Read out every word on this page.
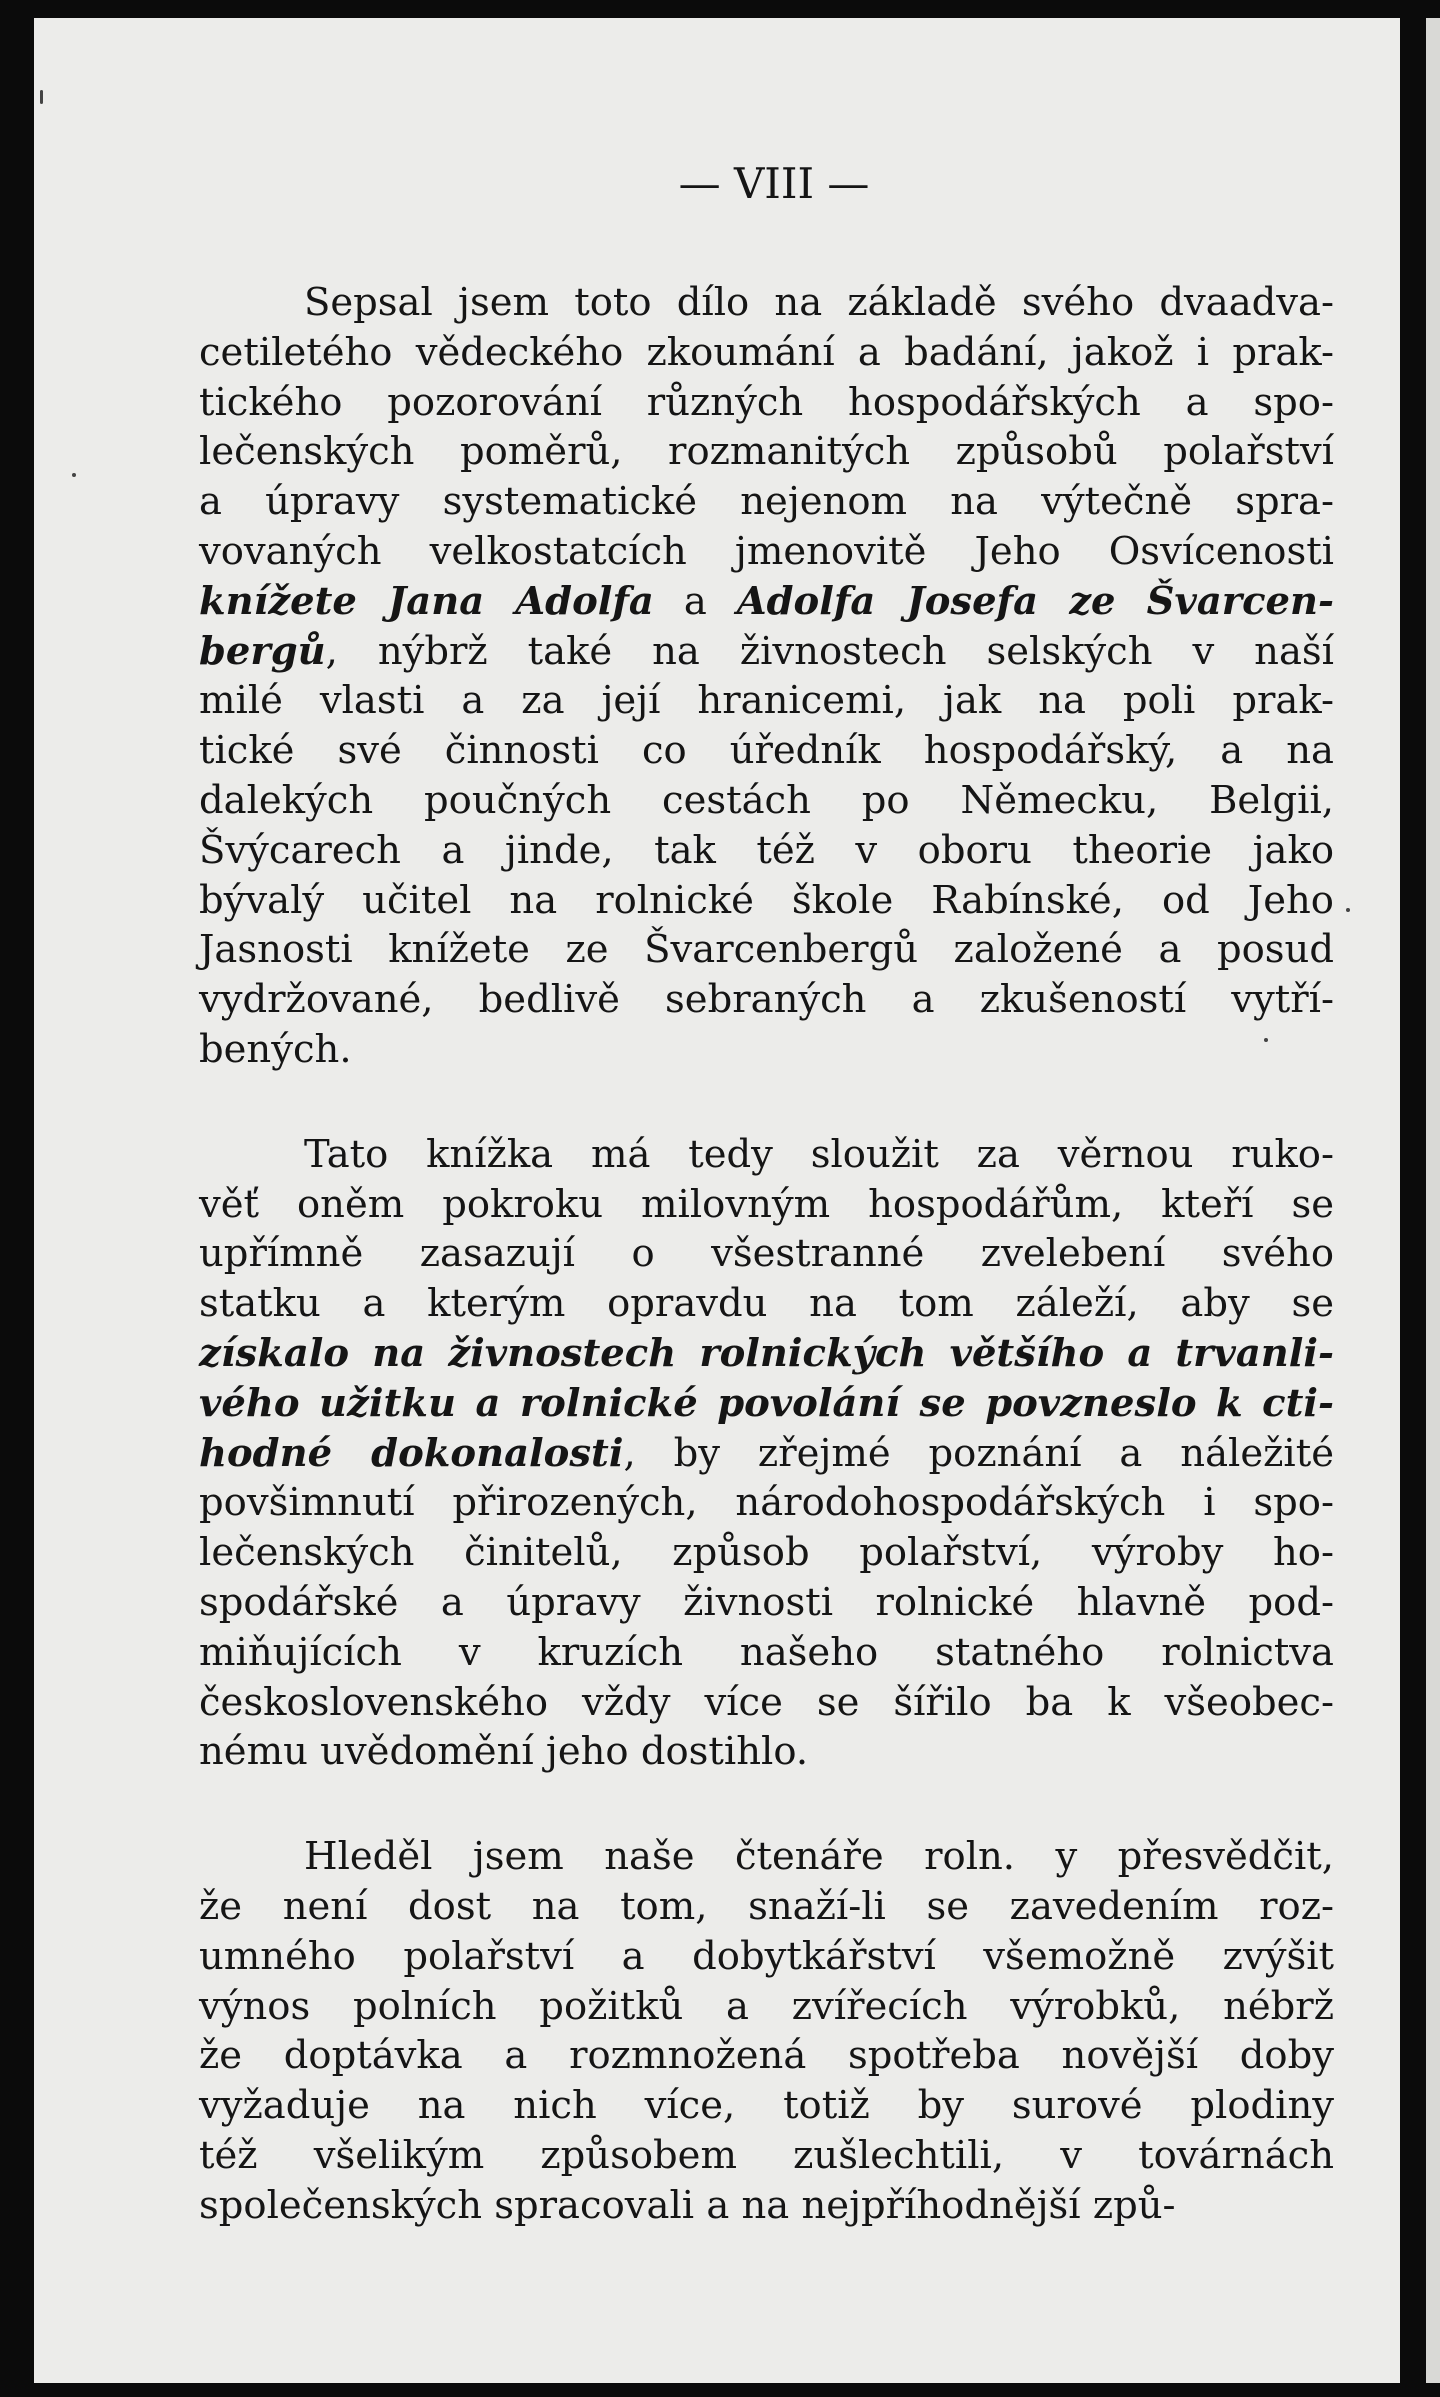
— VIII —
Sepsal jsem toto dílo na základě svého dvaadva-
cetiletého vědeckého zkoumání a badání, jakož i prak-
tického pozorování různých hospodářských a spo-
lečenských poměrů, rozmanitých způsobů polařství
a úpravy systematické nejenom na výtečně spra-
vovaných velkostatcích jmenovitě Jeho Osvícenosti
knížete Jana Adolfa a Adolfa Josefa ze Švarcen-
bergů, nýbrž také na živnostech selských v naší
milé vlasti a za její hranicemi, jak na poli prak-
tické své činnosti co úředník hospodářský, a na
dalekých poučných cestách po Německu, Belgii,
Švýcarech a jinde, tak též v oboru theorie jako
bývalý učitel na rolnické škole Rabínské, od Jeho
Jasnosti knížete ze Švarcenbergů založené a posud
vydržované, bedlivě sebraných a zkušeností vytří-
bených.
Tato knížka má tedy sloužit za věrnou ruko-
věť oněm pokroku milovným hospodářům, kteří se
upřímně zasazují o všestranné zvelebení svého
statku a kterým opravdu na tom záleží, aby se
získalo na živnostech rolnických většího a trvanli-
vého užitku a rolnické povolání se povzneslo k cti-
hodné dokonalosti, by zřejmé poznání a náležité
povšimnutí přirozených, národohospodářských i spo-
lečenských činitelů, způsob polařství, výroby ho-
spodářské a úpravy živnosti rolnické hlavně pod-
miňujících v kruzích našeho statného rolnictva
československého vždy více se šířilo ba k všeobec-
nému uvědomění jeho dostihlo.
Hleděl jsem naše čtenáře roln. y přesvědčit,
že není dost na tom, snaží-li se zavedením roz-
umného polařství a dobytkářství všemožně zvýšit
výnos polních požitků a zvířecích výrobků, nébrž
že doptávka a rozmnožená spotřeba novější doby
vyžaduje na nich více, totiž by surové plodiny
též všelikým způsobem zušlechtili, v továrnách
společenských spracovali a na nejpříhodnější způ-
